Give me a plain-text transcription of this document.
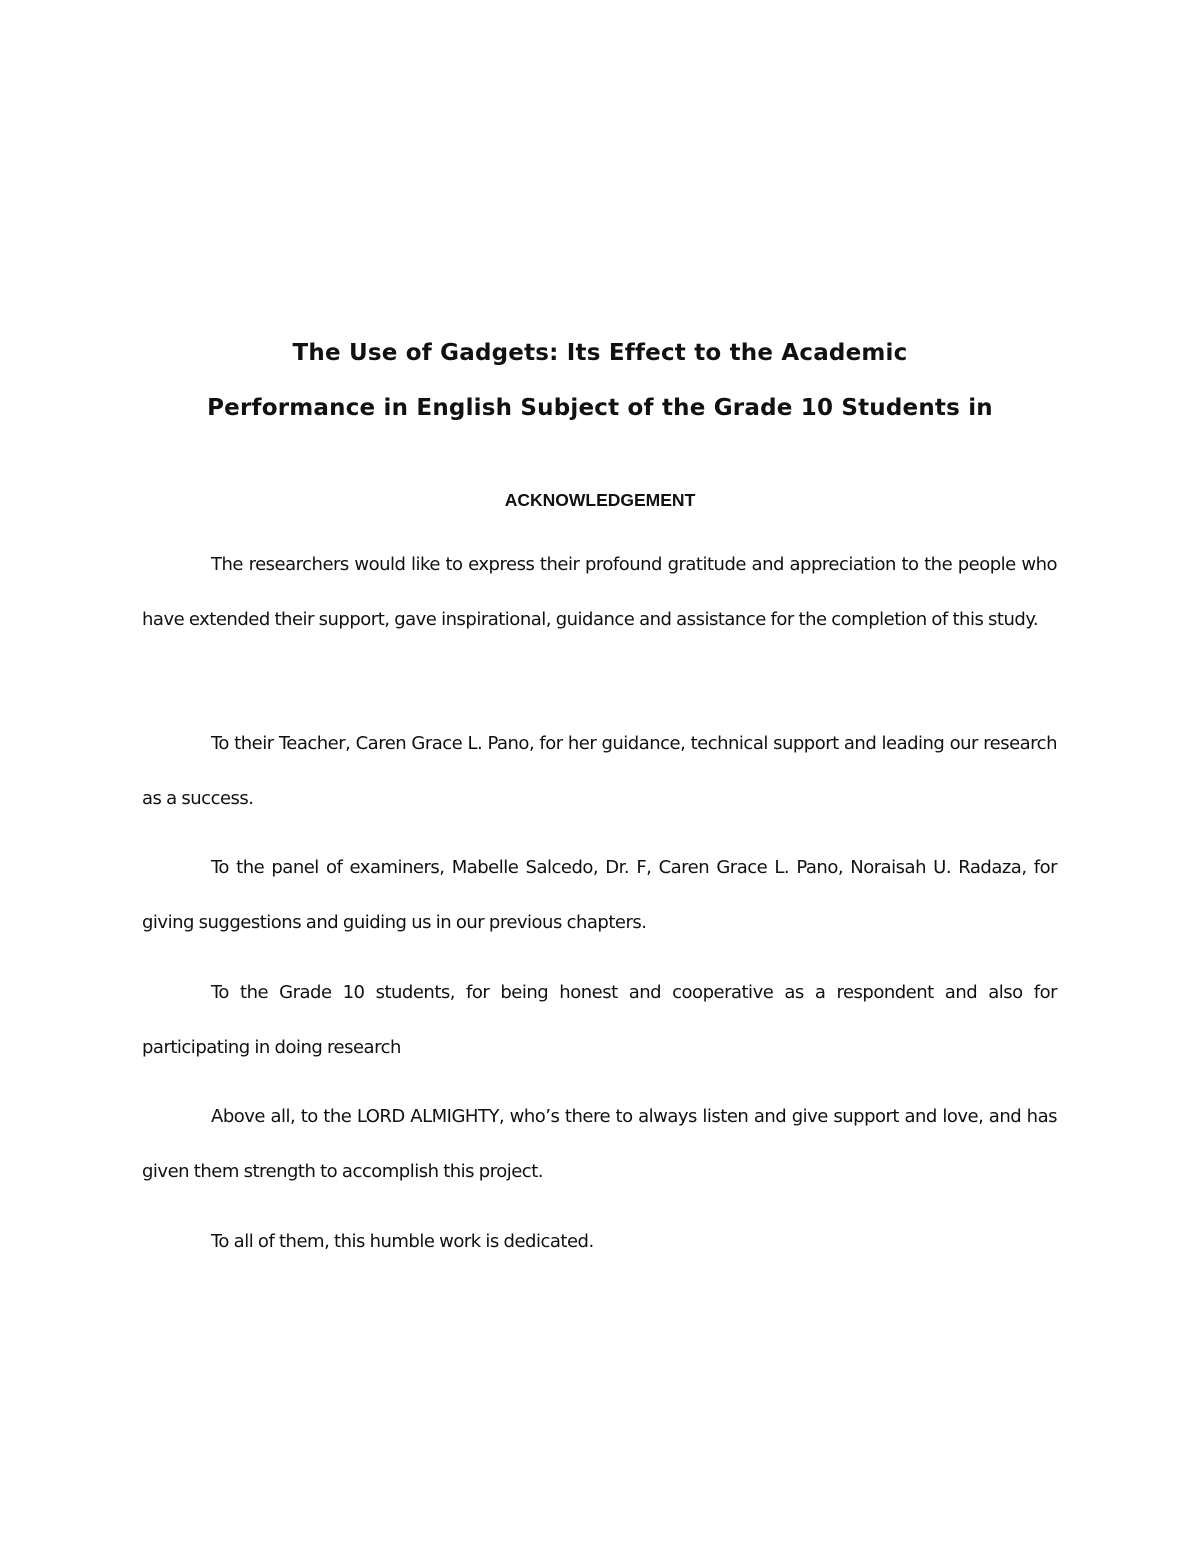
The Use of Gadgets: Its Effect to the Academic
Performance in English Subject of the Grade 10 Students in
ACKNOWLEDGEMENT

The researchers would like to express their profound gratitude and appreciation to the people who have extended their support, gave inspirational, guidance and assistance for the completion of this study.

To their Teacher, Caren Grace L. Pano, for her guidance, technical support and leading our research as a success.

To the panel of examiners, Mabelle Salcedo, Dr. F, Caren Grace L. Pano, Noraisah U. Radaza, for giving suggestions and guiding us in our previous chapters.

To the Grade 10 students, for being honest and cooperative as a respondent and also for participating in doing research

Above all, to the LORD ALMIGHTY, who’s there to always listen and give support and love, and has given them strength to accomplish this project.

To all of them, this humble work is dedicated.
